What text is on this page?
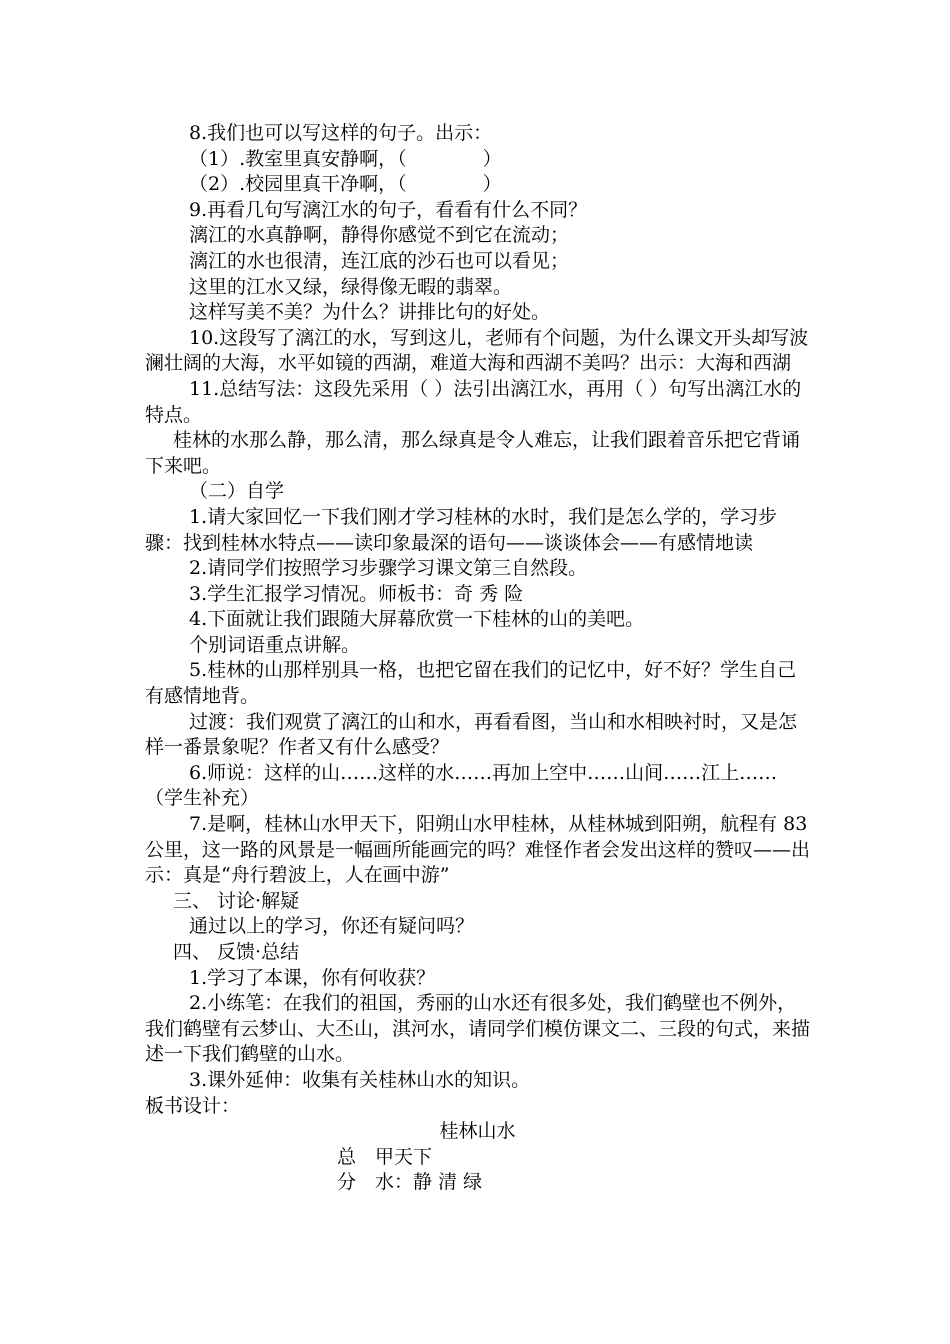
8.我们也可以写这样的句子。出示：

（1）.教室里真安静啊，（　　　　）

（2）.校园里真干净啊，（　　　　）

9.再看几句写漓江水的句子，看看有什么不同？

漓江的水真静啊，静得你感觉不到它在流动；

漓江的水也很清，连江底的沙石也可以看见；

这里的江水又绿，绿得像无暇的翡翠。

这样写美不美？为什么？讲排比句的好处。

10.这段写了漓江的水，写到这儿，老师有个问题，为什么课文开头却写波澜壮阔的大海，水平如镜的西湖，难道大海和西湖不美吗？出示：大海和西湖

11.总结写法：这段先采用（ ）法引出漓江水，再用（ ）句写出漓江水的特点。

桂林的水那么静，那么清，那么绿真是令人难忘，让我们跟着音乐把它背诵下来吧。

（二）自学

1.请大家回忆一下我们刚才学习桂林的水时，我们是怎么学的，学习步骤：找到桂林水特点——读印象最深的语句——谈谈体会——有感情地读

2.请同学们按照学习步骤学习课文第三自然段。

3.学生汇报学习情况。师板书：奇 秀 险

4.下面就让我们跟随大屏幕欣赏一下桂林的山的美吧。

个别词语重点讲解。

5.桂林的山那样别具一格，也把它留在我们的记忆中，好不好？学生自己有感情地背。

过渡：我们观赏了漓江的山和水，再看看图，当山和水相映衬时，又是怎样一番景象呢？作者又有什么感受？

6.师说：这样的山……这样的水……再加上空中……山间……江上……（学生补充）

7.是啊，桂林山水甲天下，阳朔山水甲桂林，从桂林城到阳朔，航程有 83 公里，这一路的风景是一幅画所能画完的吗？难怪作者会发出这样的赞叹——出示：真是“舟行碧波上，人在画中游”

三、 讨论·解疑

通过以上的学习，你还有疑问吗？

四、 反馈·总结

1.学习了本课，你有何收获？

2.小练笔：在我们的祖国，秀丽的山水还有很多处，我们鹤壁也不例外，我们鹤壁有云梦山、大丕山，淇河水，请同学们模仿课文二、三段的句式，来描述一下我们鹤壁的山水。

3.课外延伸：收集有关桂林山水的知识。

板书设计：

桂林山水

总　甲天下

分　水：静 清 绿
